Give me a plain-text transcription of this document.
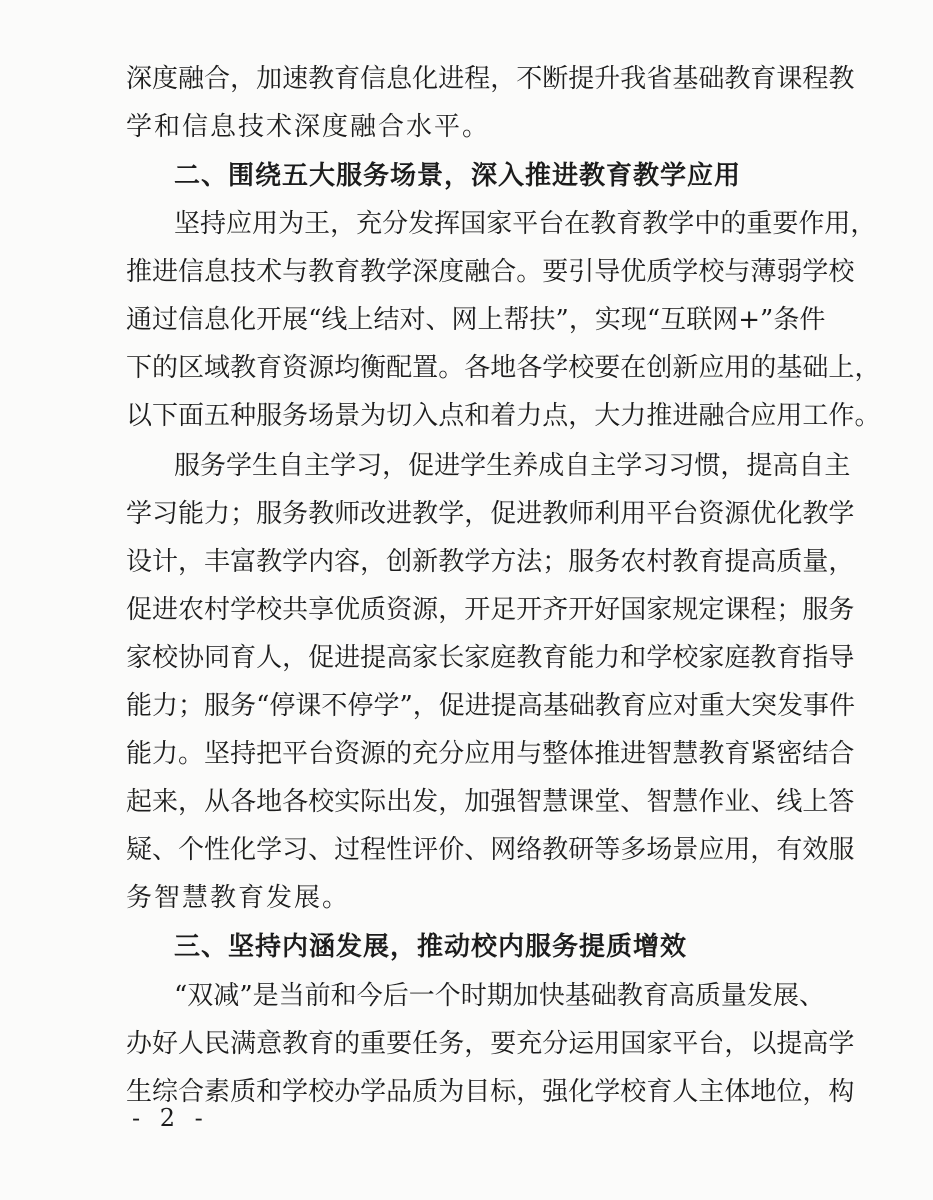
深 度 融 合 ， 加 速 教 育 信 息 化 进 程 ， 不 断 提 升 我 省 基 础 教 育 课 程 教
学和信息技术深度融合水平。
二、围绕五大服务场景，深入推进教育教学应用
坚 持 应 用 为 王 ， 充 分 发 挥 国 家 平 台 在 教 育 教 学 中 的 重 要 作 用 ，
推 进 信 息 技 术 与 教 育 教 学 深 度 融 合 。 要 引 导 优 质 学 校 与 薄 弱 学 校
通 过 信 息 化 开 展 “ 线 上 结 对 、 网 上 帮 扶 ” ， 实 现 “ 互 联 网 + ” 条 件
下 的 区 域 教 育 资 源 均 衡 配 置 。 各 地 各 学 校 要 在 创 新 应 用 的 基 础 上 ，
以 下 面 五 种 服 务 场 景 为 切 入 点 和 着 力 点 ， 大 力 推 进 融 合 应 用 工 作 。
服 务 学 生 自 主 学 习 ， 促 进 学 生 养 成 自 主 学 习 习 惯 ， 提 高 自 主
学 习 能 力 ； 服 务 教 师 改 进 教 学 ， 促 进 教 师 利 用 平 台 资 源 优 化 教 学
设 计 ， 丰 富 教 学 内 容 ， 创 新 教 学 方 法 ； 服 务 农 村 教 育 提 高 质 量 ，
促 进 农 村 学 校 共 享 优 质 资 源 ， 开 足 开 齐 开 好 国 家 规 定 课 程 ； 服 务
家 校 协 同 育 人 ， 促 进 提 高 家 长 家 庭 教 育 能 力 和 学 校 家 庭 教 育 指 导
能 力 ； 服 务 “ 停 课 不 停 学 ” ， 促 进 提 高 基 础 教 育 应 对 重 大 突 发 事 件
能 力 。 坚 持 把 平 台 资 源 的 充 分 应 用 与 整 体 推 进 智 慧 教 育 紧 密 结 合
起 来 ， 从 各 地 各 校 实 际 出 发 ， 加 强 智 慧 课 堂 、 智 慧 作 业 、 线 上 答
疑 、 个 性 化 学 习 、 过 程 性 评 价 、 网 络 教 研 等 多 场 景 应 用 ， 有 效 服
务智慧教育发展。
三、坚持内涵发展，推动校内服务提质增效
“ 双 减 ” 是 当 前 和 今 后 一 个 时 期 加 快 基 础 教 育 高 质 量 发 展 、
办 好 人 民 满 意 教 育 的 重 要 任 务 ， 要 充 分 运 用 国 家 平 台 ， 以 提 高 学
生 综 合 素 质 和 学 校 办 学 品 质 为 目 标 ， 强 化 学 校 育 人 主 体 地 位 ， 构
- 2 -
